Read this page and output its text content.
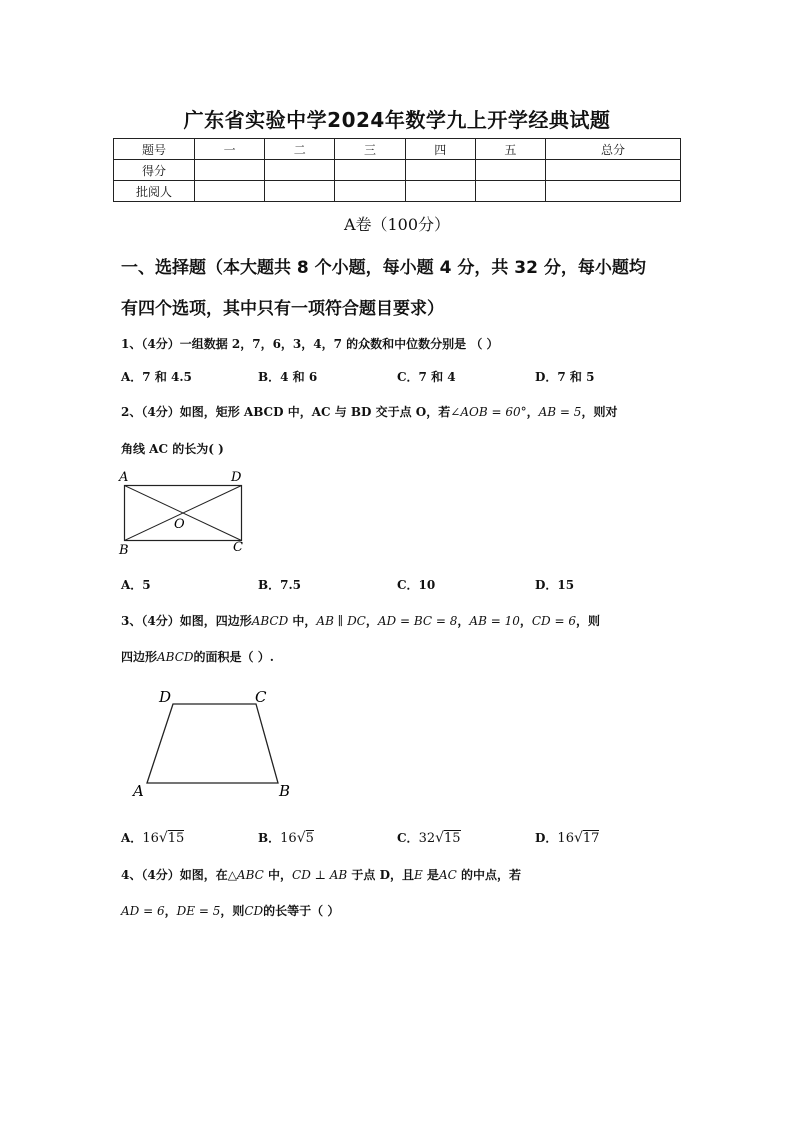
广东省实验中学2024年数学九上开学经典试题
题号	一	二	三	四	五	总分
得分						
批阅人						
A卷（100分）
一、选择题（本大题共 8 个小题，每小题 4 分，共 32 分，每小题均
有四个选项，其中只有一项符合题目要求）
1、（4分）一组数据 2，7，6，3，4，7 的众数和中位数分别是 （ ）
A．7 和 4.5	B．4 和 6	C．7 和 4	D．7 和 5
2、（4分）如图，矩形 ABCD 中，AC 与 BD 交于点 O，若∠AOB = 60°，AB = 5，则对
角线 AC 的长为( )
A	D
B	C
O
A．5	B．7.5	C．10	D．15
3、（4分）如图，四边形ABCD 中，AB ∥ DC，AD = BC = 8，AB = 10，CD = 6，则
四边形ABCD的面积是（ ）.
D	C
A	B
A．16√15	B．16√5	C．32√15	D．16√17
4、（4分）如图，在△ABC 中，CD ⊥ AB 于点 D，且E 是AC 的中点，若
AD = 6，DE = 5，则CD的长等于（ ）
